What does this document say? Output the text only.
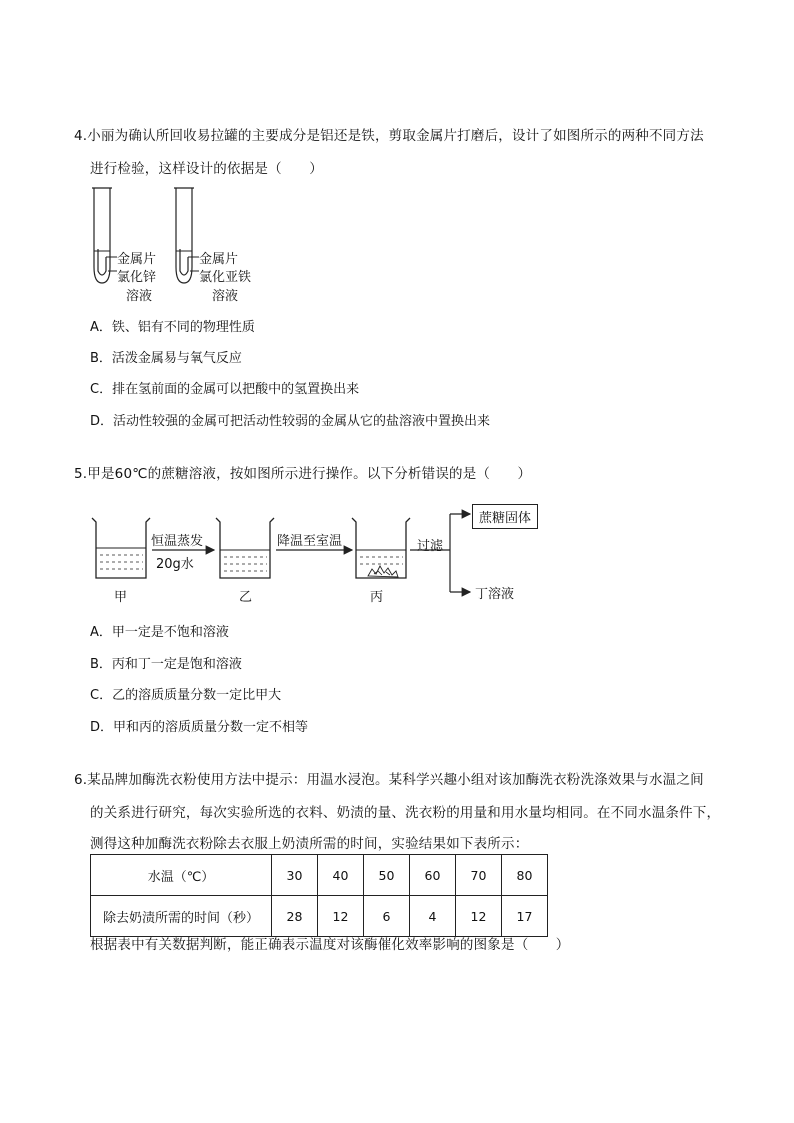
4.小丽为确认所回收易拉罐的主要成分是铝还是铁，剪取金属片打磨后，设计了如图所示的两种不同方法
进行检验，这样设计的依据是（　　）
金属片
氯化锌
溶液
金属片
氯化亚铁
溶液
A．铁、铝有不同的物理性质
B．活泼金属易与氧气反应
C．排在氢前面的金属可以把酸中的氢置换出来
D．活动性较强的金属可把活动性较弱的金属从它的盐溶液中置换出来
5.甲是60℃的蔗糖溶液，按如图所示进行操作。以下分析错误的是（　　）
甲	乙	丙
恒温蒸发
20g水
降温至室温	过滤
蔗糖固体
丁溶液
A．甲一定是不饱和溶液
B．丙和丁一定是饱和溶液
C．乙的溶质质量分数一定比甲大
D．甲和丙的溶质质量分数一定不相等
6.某品牌加酶洗衣粉使用方法中提示：用温水浸泡。某科学兴趣小组对该加酶洗衣粉洗涤效果与水温之间
的关系进行研究，每次实验所选的衣料、奶渍的量、洗衣粉的用量和用水量均相同。在不同水温条件下，
测得这种加酶洗衣粉除去衣服上奶渍所需的时间，实验结果如下表所示：
水温（℃）	30	40	50	60	70	80
除去奶渍所需的时间（秒）	28	12	6	4	12	17
根据表中有关数据判断，能正确表示温度对该酶催化效率影响的图象是（　　）
